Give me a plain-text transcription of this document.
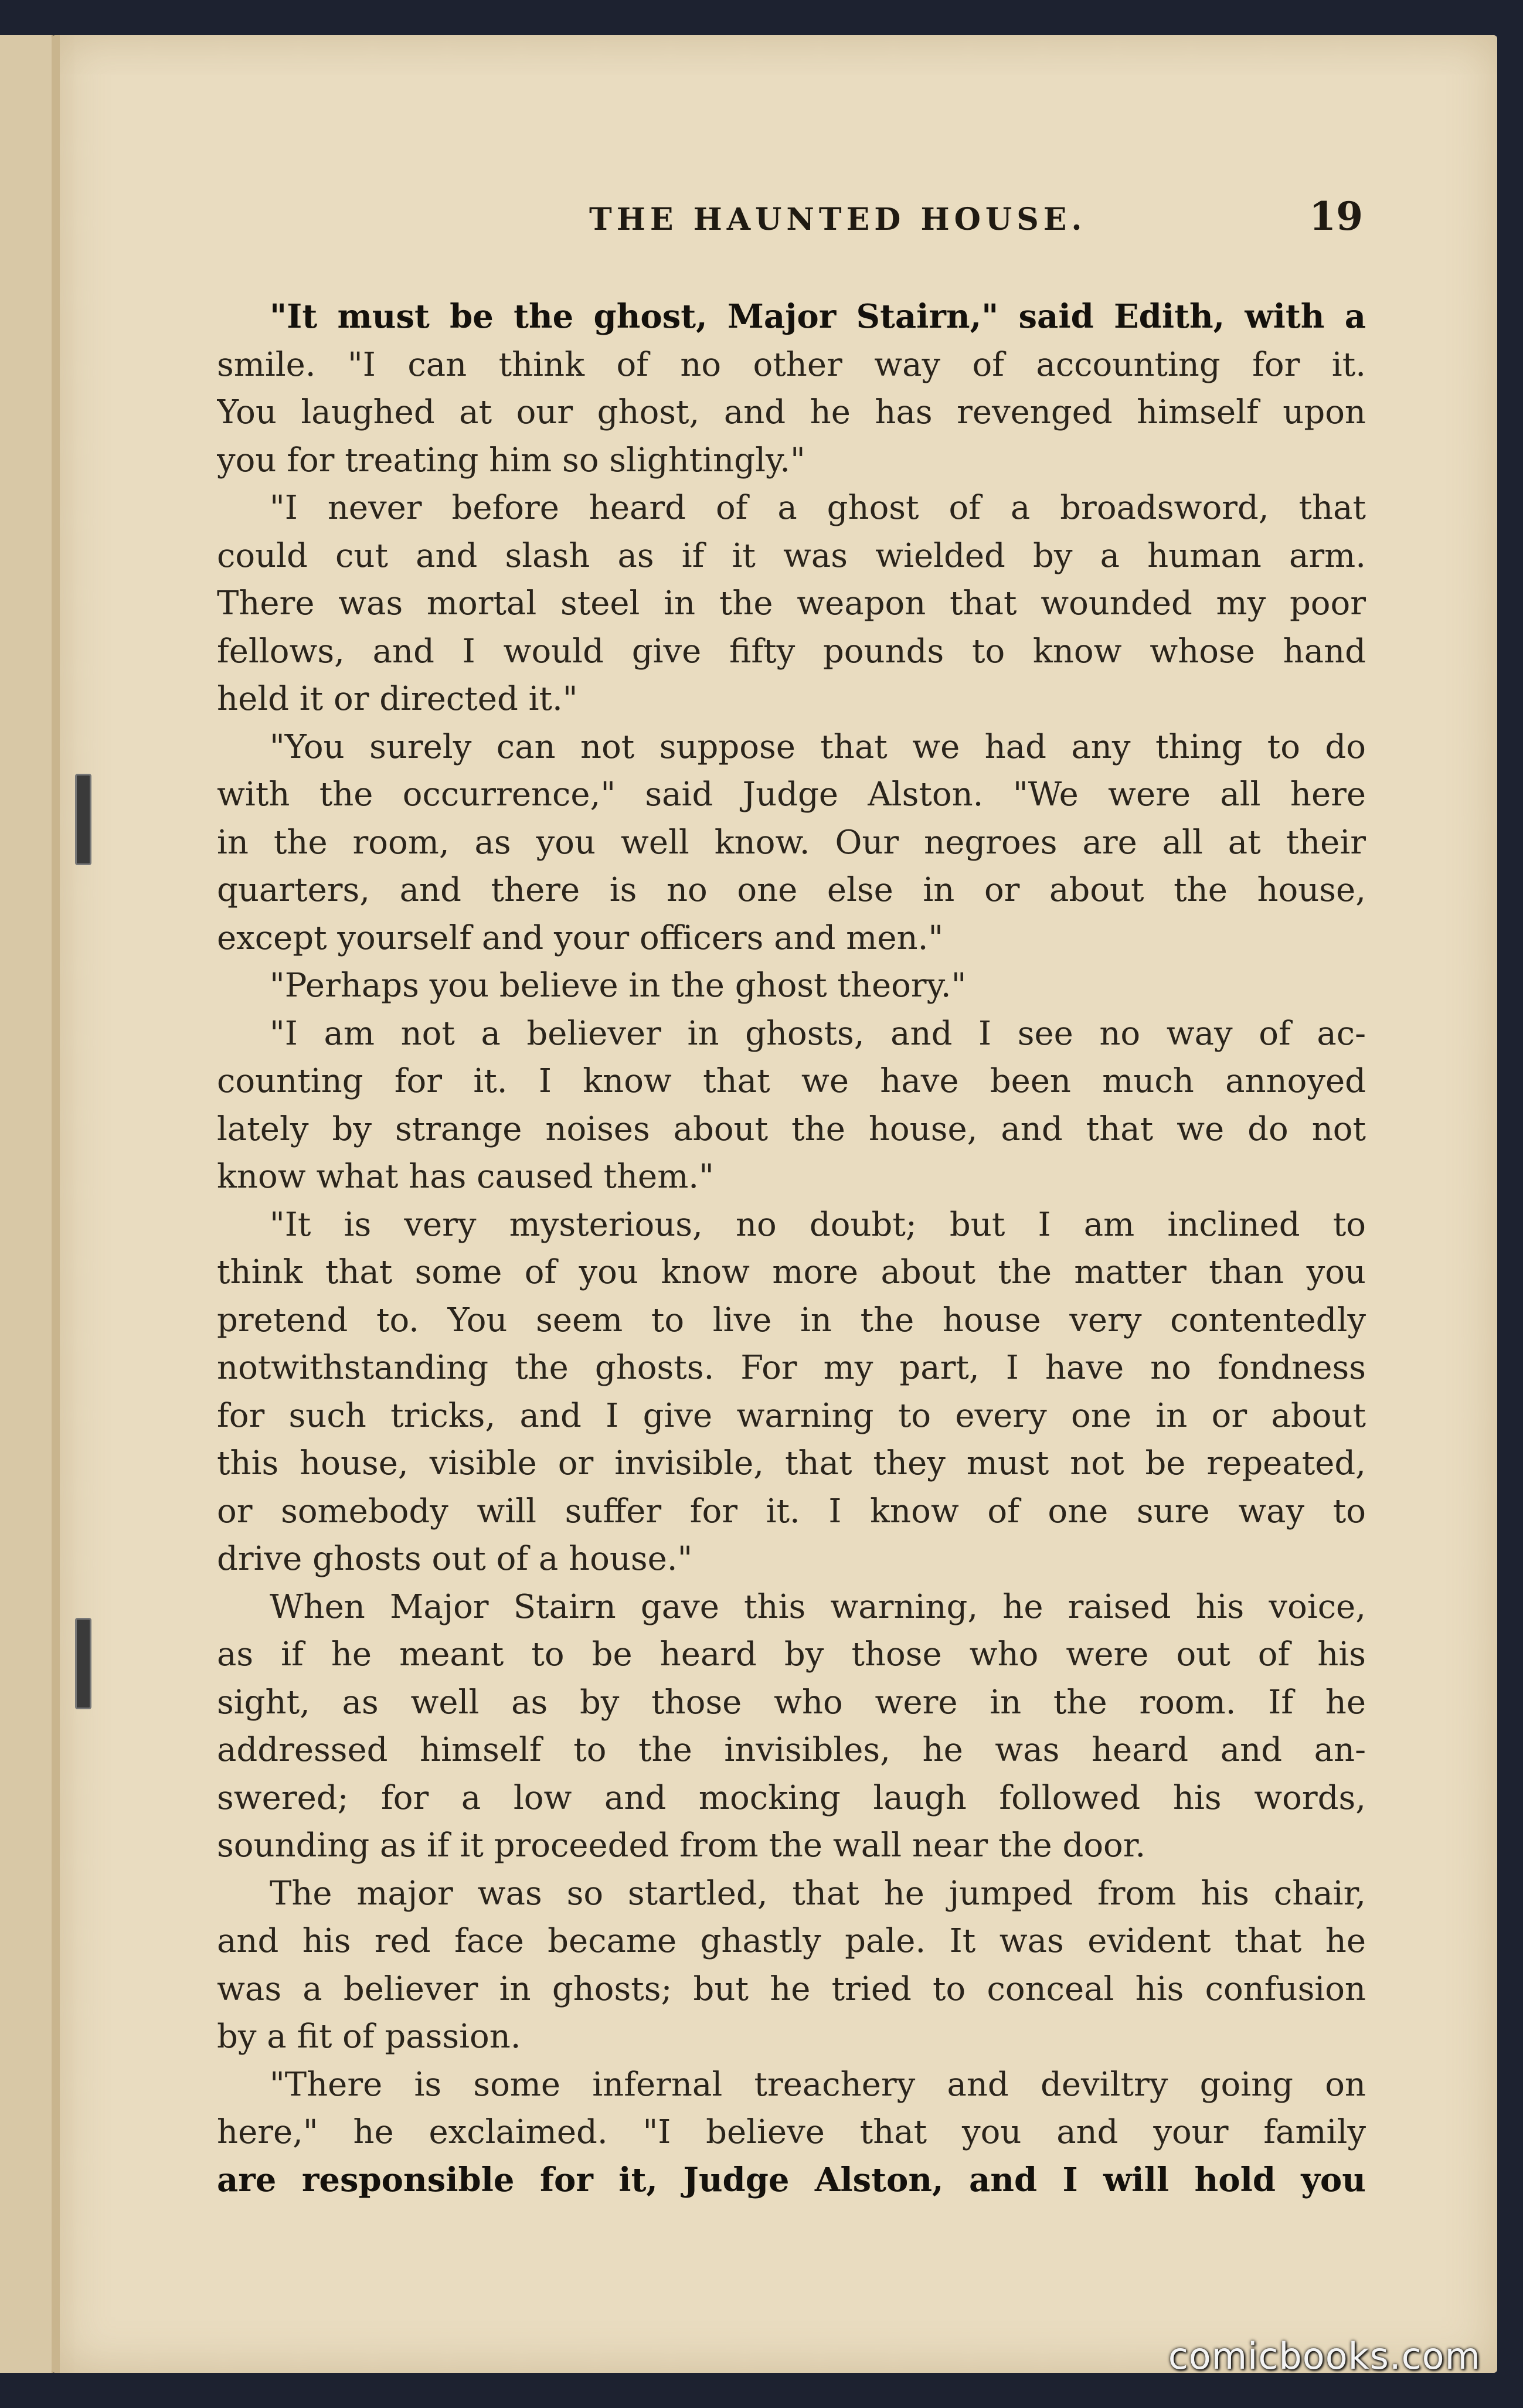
THE HAUNTED HOUSE.	19
"It must be the ghost, Major Stairn," said Edith, with a
smile. "I can think of no other way of accounting for it.
You laughed at our ghost, and he has revenged himself upon
you for treating him so slightingly."
"I never before heard of a ghost of a broadsword, that
could cut and slash as if it was wielded by a human arm.
There was mortal steel in the weapon that wounded my poor
fellows, and I would give fifty pounds to know whose hand
held it or directed it."
"You surely can not suppose that we had any thing to do
with the occurrence," said Judge Alston. "We were all here
in the room, as you well know. Our negroes are all at their
quarters, and there is no one else in or about the house,
except yourself and your officers and men."
"Perhaps you believe in the ghost theory."
"I am not a believer in ghosts, and I see no way of ac-
counting for it. I know that we have been much annoyed
lately by strange noises about the house, and that we do not
know what has caused them."
"It is very mysterious, no doubt; but I am inclined to
think that some of you know more about the matter than you
pretend to. You seem to live in the house very contentedly
notwithstanding the ghosts. For my part, I have no fondness
for such tricks, and I give warning to every one in or about
this house, visible or invisible, that they must not be repeated,
or somebody will suffer for it. I know of one sure way to
drive ghosts out of a house."
When Major Stairn gave this warning, he raised his voice,
as if he meant to be heard by those who were out of his
sight, as well as by those who were in the room. If he
addressed himself to the invisibles, he was heard and an-
swered; for a low and mocking laugh followed his words,
sounding as if it proceeded from the wall near the door.
The major was so startled, that he jumped from his chair,
and his red face became ghastly pale. It was evident that he
was a believer in ghosts; but he tried to conceal his confusion
by a fit of passion.
"There is some infernal treachery and deviltry going on
here," he exclaimed. "I believe that you and your family
are responsible for it, Judge Alston, and I will hold you
comicbooks.com
